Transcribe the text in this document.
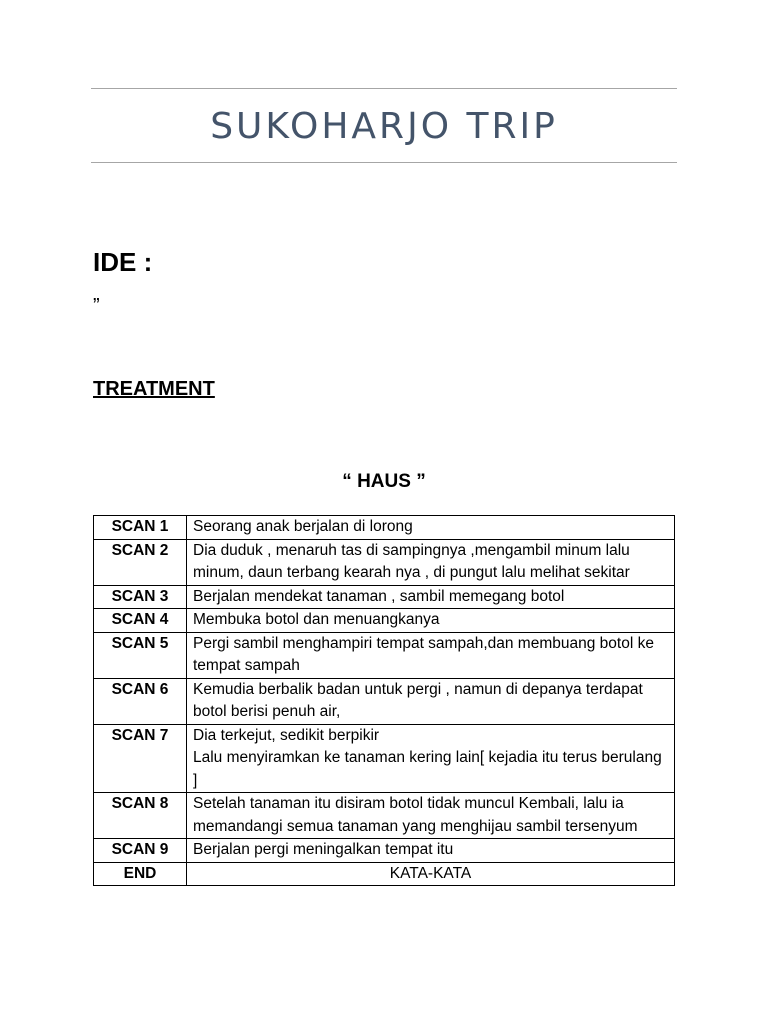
SUKOHARJO TRIP
IDE :
”
TREATMENT
“ HAUS ”
SCAN 1	Seorang anak berjalan di lorong

SCAN 2	Dia duduk , menaruh tas di sampingnya ,mengambil minum lalu minum, daun terbang kearah nya , di pungut lalu melihat sekitar

SCAN 3	Berjalan mendekat tanaman , sambil memegang botol

SCAN 4	Membuka botol dan menuangkanya

SCAN 5	Pergi sambil menghampiri tempat sampah,dan membuang botol ke tempat sampah

SCAN 6	Kemudia berbalik badan untuk pergi , namun di depanya terdapat botol berisi penuh air,

SCAN 7	Dia terkejut, sedikit berpikir
Lalu menyiramkan ke tanaman kering lain[ kejadia itu terus berulang ]

SCAN 8	Setelah tanaman itu disiram botol tidak muncul Kembali, lalu ia memandangi semua tanaman yang menghijau sambil tersenyum

SCAN 9	Berjalan pergi meningalkan tempat itu

END	KATA-KATA
